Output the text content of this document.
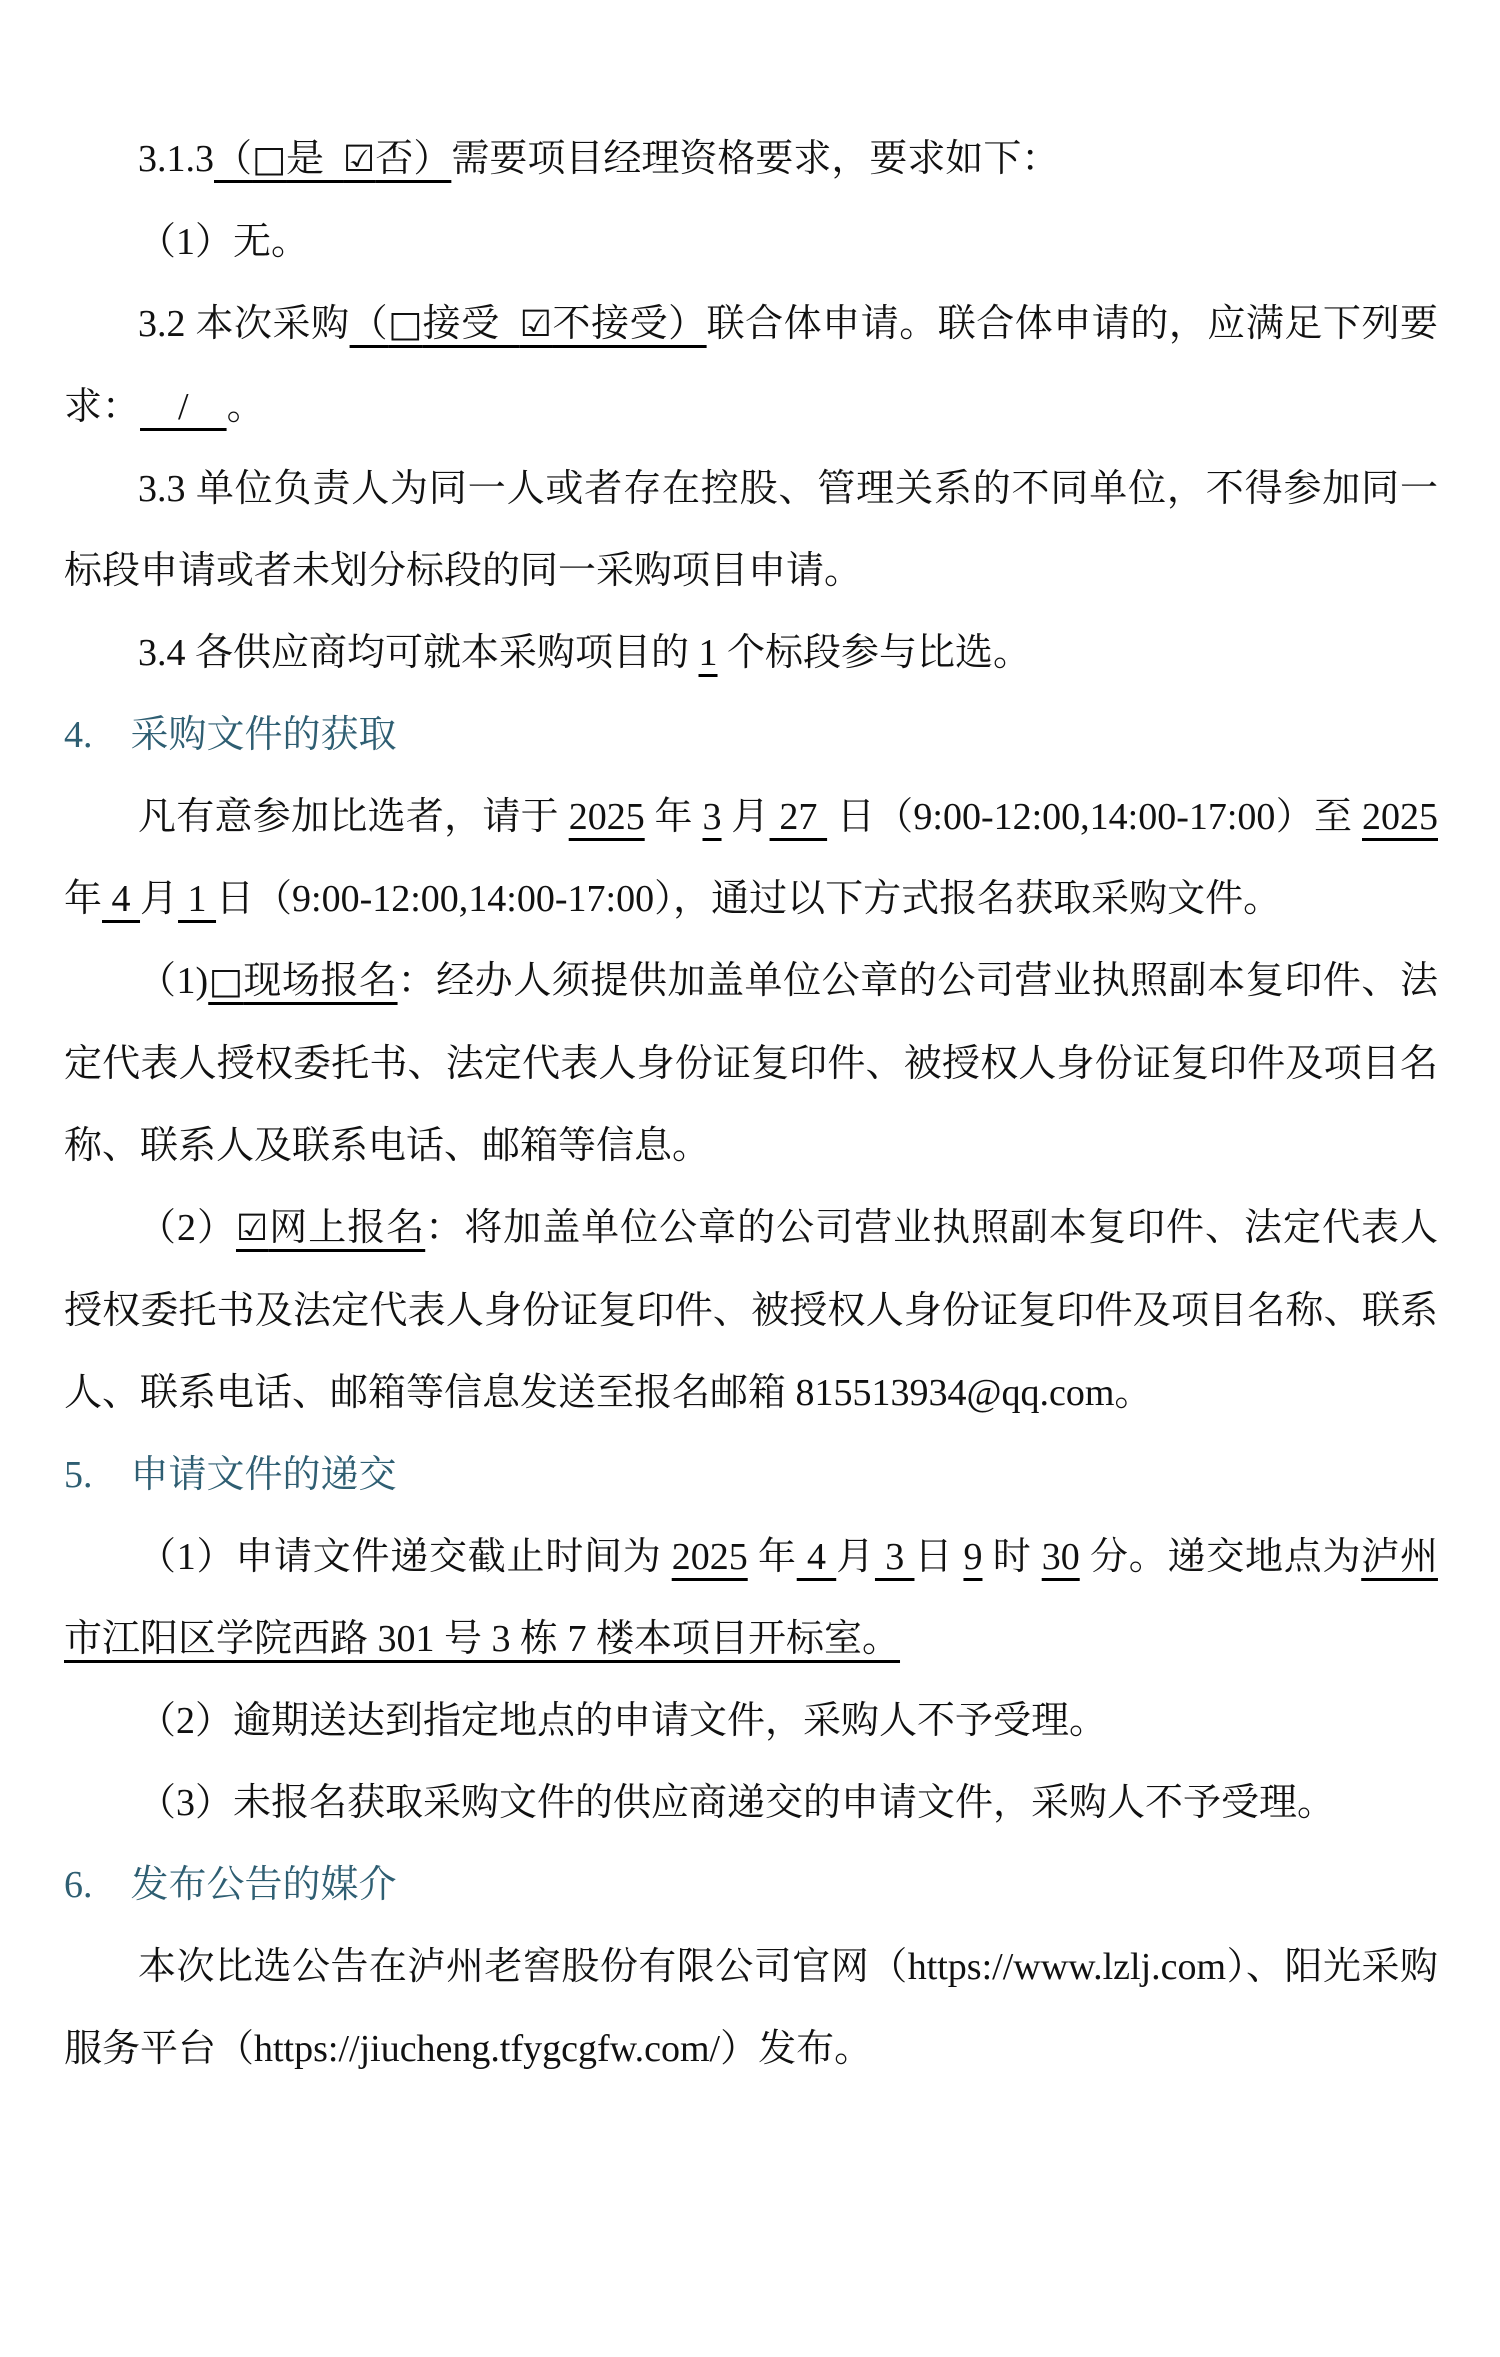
3.1.3（□是  ☑否）需要项目经理资格要求，要求如下：

（1）无。

3.2 本次采购（□接受  ☑不接受）联合体申请。联合体申请的，应满足下列要求：    /    。

3.3 单位负责人为同一人或者存在控股、管理关系的不同单位，不得参加同一标段申请或者未划分标段的同一采购项目申请。

3.4 各供应商均可就本采购项目的 1 个标段参与比选。

4.　采购文件的获取

凡有意参加比选者，请于 2025 年 3 月 27  日（9:00-12:00,14:00-17:00）至 2025 年 4 月 1 日（9:00-12:00,14:00-17:00），通过以下方式报名获取采购文件。

（1)□现场报名：经办人须提供加盖单位公章的公司营业执照副本复印件、法定代表人授权委托书、法定代表人身份证复印件、被授权人身份证复印件及项目名称、联系人及联系电话、邮箱等信息。

（2）☑网上报名：将加盖单位公章的公司营业执照副本复印件、法定代表人授权委托书及法定代表人身份证复印件、被授权人身份证复印件及项目名称、联系人、联系电话、邮箱等信息发送至报名邮箱 815513934@qq.com。

5.　申请文件的递交

（1）申请文件递交截止时间为 2025 年 4 月 3 日 9 时 30 分。递交地点为泸州市江阳区学院西路 301 号 3 栋 7 楼本项目开标室。

（2）逾期送达到指定地点的申请文件，采购人不予受理。

（3）未报名获取采购文件的供应商递交的申请文件，采购人不予受理。

6.　发布公告的媒介

本次比选公告在泸州老窖股份有限公司官网（https://www.lzlj.com）、阳光采购服务平台（https://jiucheng.tfygcgfw.com/）发布。
